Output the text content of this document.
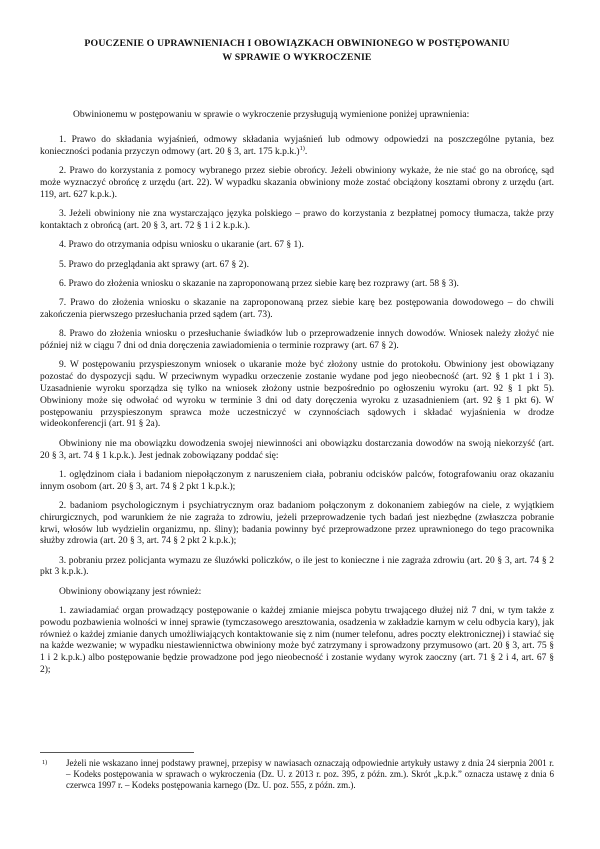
POUCZENIE O UPRAWNIENIACH I OBOWIĄZKACH OBWINIONEGO W POSTĘPOWANIU
W SPRAWIE O WYKROCZENIE

Obwinionemu w postępowaniu w sprawie o wykroczenie przysługują wymienione poniżej uprawnienia:

1. Prawo do składania wyjaśnień, odmowy składania wyjaśnień lub odmowy odpowiedzi na poszczególne pytania, bez konieczności podania przyczyn odmowy (art. 20 § 3, art. 175 k.p.k.)$^{1)}$.

2. Prawo do korzystania z pomocy wybranego przez siebie obrońcy. Jeżeli obwiniony wykaże, że nie stać go na obrońcę, sąd może wyznaczyć obrońcę z urzędu (art. 22). W wypadku skazania obwiniony może zostać obciążony kosztami obrony z urzędu (art. 119, art. 627 k.p.k.).

3. Jeżeli obwiniony nie zna wystarczająco języka polskiego – prawo do korzystania z bezpłatnej pomocy tłumacza, także przy kontaktach z obrońcą (art. 20 § 3, art. 72 § 1 i 2 k.p.k.).

4. Prawo do otrzymania odpisu wniosku o ukaranie (art. 67 § 1).

5. Prawo do przeglądania akt sprawy (art. 67 § 2).

6. Prawo do złożenia wniosku o skazanie na zaproponowaną przez siebie karę bez rozprawy (art. 58 § 3).

7. Prawo do złożenia wniosku o skazanie na zaproponowaną przez siebie karę bez postępowania dowodowego – do chwili zakończenia pierwszego przesłuchania przed sądem (art. 73).

8. Prawo do złożenia wniosku o przesłuchanie świadków lub o przeprowadzenie innych dowodów. Wniosek należy złożyć nie później niż w ciągu 7 dni od dnia doręczenia zawiadomienia o terminie rozprawy (art. 67 § 2).

9. W postępowaniu przyspieszonym wniosek o ukaranie może być złożony ustnie do protokołu. Obwiniony jest obowiązany pozostać do dyspozycji sądu. W przeciwnym wypadku orzeczenie zostanie wydane pod jego nieobecność (art. 92 § 1 pkt 1 i 3). Uzasadnienie wyroku sporządza się tylko na wniosek złożony ustnie bezpośrednio po ogłoszeniu wyroku (art. 92 § 1 pkt 5). Obwiniony może się odwołać od wyroku w terminie 3 dni od daty doręczenia wyroku z uzasadnieniem (art. 92 § 1 pkt 6). W postępowaniu przyspieszonym sprawca może uczestniczyć w czynnościach sądowych i składać wyjaśnienia w drodze wideokonferencji (art. 91 § 2a).

Obwiniony nie ma obowiązku dowodzenia swojej niewinności ani obowiązku dostarczania dowodów na swoją niekorzyść (art. 20 § 3, art. 74 § 1 k.p.k.). Jest jednak zobowiązany poddać się:

1. oględzinom ciała i badaniom niepołączonym z naruszeniem ciała, pobraniu odcisków palców, fotografowaniu oraz okazaniu innym osobom (art. 20 § 3, art. 74 § 2 pkt 1 k.p.k.);

2. badaniom psychologicznym i psychiatrycznym oraz badaniom połączonym z dokonaniem zabiegów na ciele, z wyjątkiem chirurgicznych, pod warunkiem że nie zagraża to zdrowiu, jeżeli przeprowadzenie tych badań jest niezbędne (zwłaszcza pobranie krwi, włosów lub wydzielin organizmu, np. śliny); badania powinny być przeprowadzone przez uprawnionego do tego pracownika służby zdrowia (art. 20 § 3, art. 74 § 2 pkt 2 k.p.k.);

3. pobraniu przez policjanta wymazu ze śluzówki policzków, o ile jest to konieczne i nie zagraża zdrowiu (art. 20 § 3, art. 74 § 2 pkt 3 k.p.k.).

Obwiniony obowiązany jest również:

1. zawiadamiać organ prowadzący postępowanie o każdej zmianie miejsca pobytu trwającego dłużej niż 7 dni, w tym także z powodu pozbawienia wolności w innej sprawie (tymczasowego aresztowania, osadzenia w zakładzie karnym w celu odbycia kary), jak również o każdej zmianie danych umożliwiających kontaktowanie się z nim (numer telefonu, adres poczty elektronicznej) i stawiać się na każde wezwanie; w wypadku niestawiennictwa obwiniony może być zatrzymany i sprowadzony przymusowo (art. 20 § 3, art. 75 § 1 i 2 k.p.k.) albo postępowanie będzie prowadzone pod jego nieobecność i zostanie wydany wyrok zaoczny (art. 71 § 2 i 4, art. 67 § 2);

1) Jeżeli nie wskazano innej podstawy prawnej, przepisy w nawiasach oznaczają odpowiednie artykuły ustawy z dnia 24 sierpnia 2001 r. – Kodeks postępowania w sprawach o wykroczenia (Dz. U. z 2013 r. poz. 395, z późn. zm.). Skrót „k.p.k.” oznacza ustawę z dnia 6 czerwca 1997 r. – Kodeks postępowania karnego (Dz. U. poz. 555, z późn. zm.).
